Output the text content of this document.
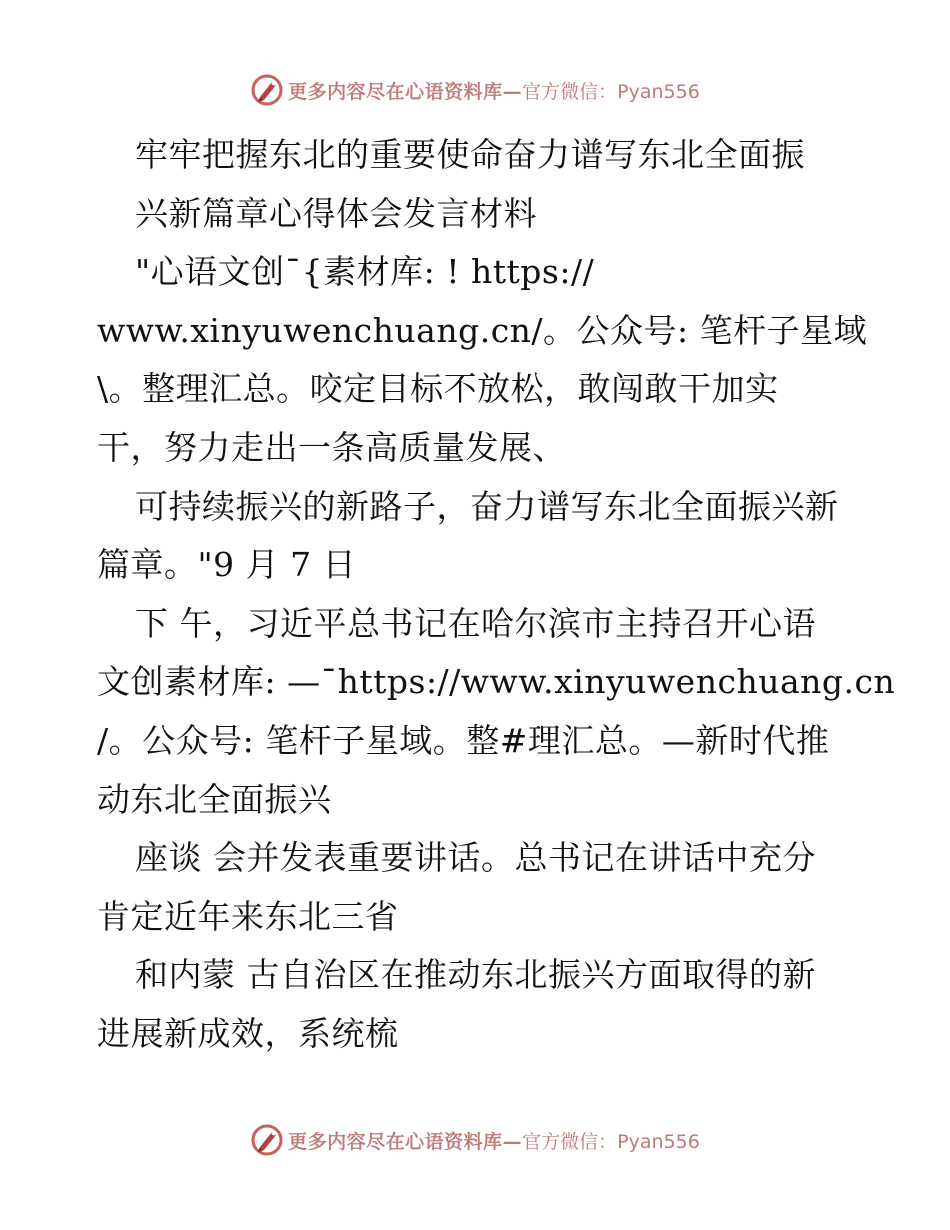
更多内容尽在心语资料库— 官方微信：Pyan556
牢牢把握东北的重要使命奋力谱写东北全面振
兴新篇章心得体会发言材料
"心语文创¯{素材库: ! https://
www.xinyuwenchuang.cn/。公众号: 笔杆子星域
\。整理汇总。咬定目标不放松，敢闯敢干加实
干，努力走出一条高质量发展、
可持续振兴的新路子，奋力谱写东北全面振兴新
篇章。"9 月 7 日
下 午，习近平总书记在哈尔滨市主持召开心语
文创素材库: —¯https://www.xinyuwenchuang.cn
/。公众号: 笔杆子星域。整#理汇总。—新时代推
动东北全面振兴
座谈 会并发表重要讲话。总书记在讲话中充分
肯定近年来东北三省
和内蒙 古自治区在推动东北振兴方面取得的新
进展新成效，系统梳
更多内容尽在心语资料库— 官方微信：Pyan556
